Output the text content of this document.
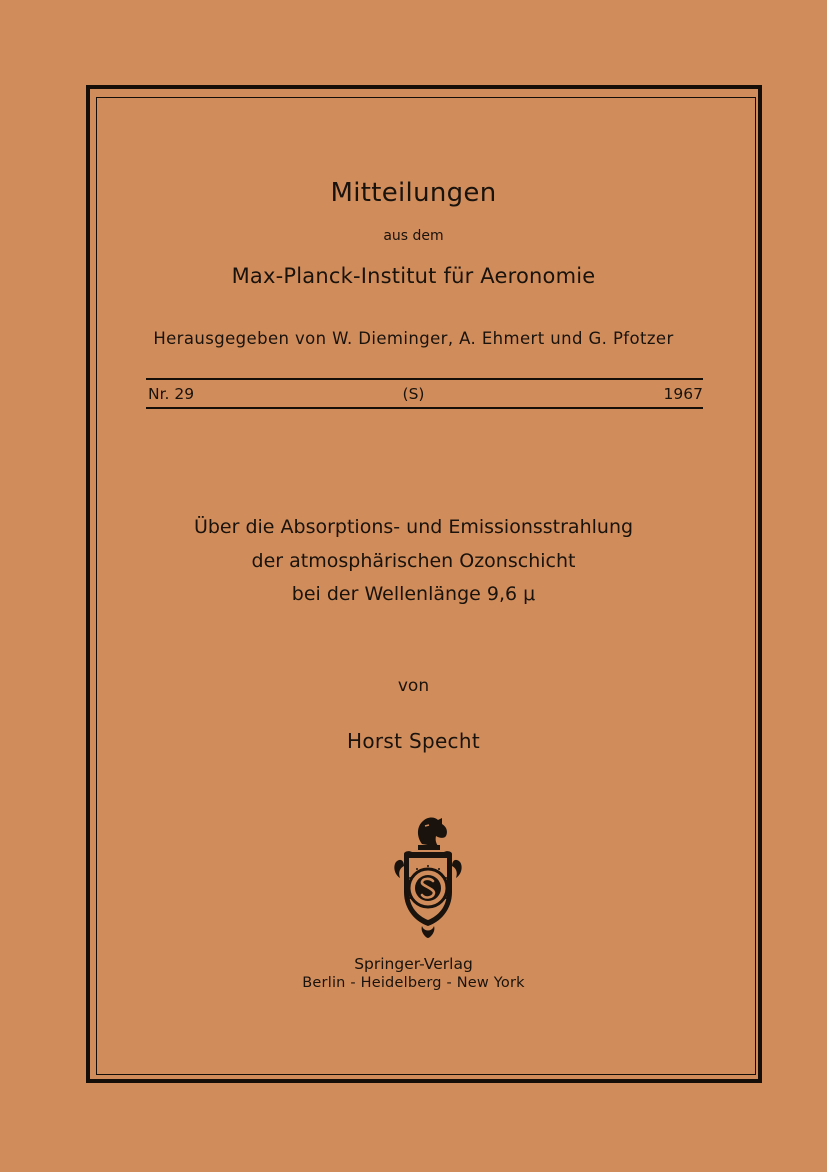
Mitteilungen
aus dem
Max-Planck-Institut für Aeronomie
Herausgegeben von W. Dieminger, A. Ehmert und G. Pfotzer
Nr. 29	(S)	1967
Über die Absorptions- und Emissionsstrahlung
der atmosphärischen Ozonschicht
bei der Wellenlänge 9,6 μ
von
Horst Specht
Springer-Verlag
Berlin - Heidelberg - New York
